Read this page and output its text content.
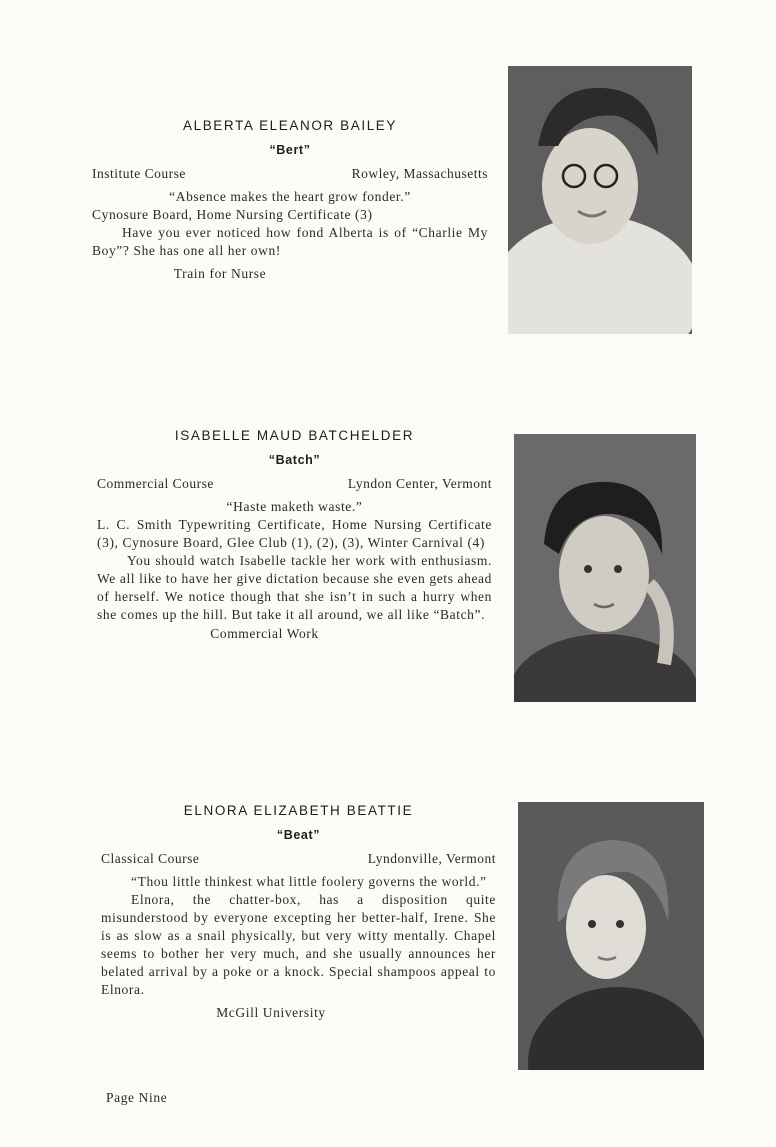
ALBERTA ELEANOR BAILEY
“Bert”
Institute Course	Rowley, Massachusetts
“Absence makes the heart grow fonder.”
Cynosure Board, Home Nursing Certificate (3)
Have you ever noticed how fond Alberta is of “Charlie My Boy”? She has one all her own!
Train for Nurse
ISABELLE MAUD BATCHELDER
“Batch”
Commercial Course	Lyndon Center, Vermont
“Haste maketh waste.”
L. C. Smith Typewriting Certificate, Home Nursing Certificate (3), Cynosure Board, Glee Club (1), (2), (3), Winter Carnival (4)
You should watch Isabelle tackle her work with enthusiasm. We all like to have her give dictation because she even gets ahead of herself. We notice though that she isn’t in such a hurry when she comes up the hill. But take it all around, we all like “Batch”.
Commercial Work
ELNORA ELIZABETH BEATTIE
“Beat”
Classical Course	Lyndonville, Vermont
“Thou little thinkest what little foolery governs the world.”
Elnora, the chatter-box, has a disposition quite misunderstood by everyone excepting her better-half, Irene. She is as slow as a snail physically, but very witty mentally. Chapel seems to bother her very much, and she usually announces her belated arrival by a poke or a knock. Special shampoos appeal to Elnora.
McGill University
Page Nine
